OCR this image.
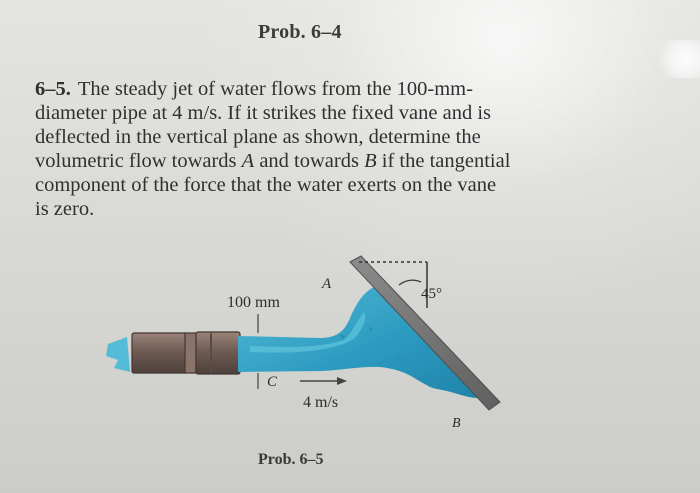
Prob. 6–4
6–5. The steady jet of water flows from the 100-mm-
diameter pipe at 4 m/s. If it strikes the fixed vane and is
deflected in the vertical plane as shown, determine the
volumetric flow towards A and towards B if the tangential
component of the force that the water exerts on the vane
is zero.
A
45°
100 mm
C
4 m/s
B
Prob. 6–5
